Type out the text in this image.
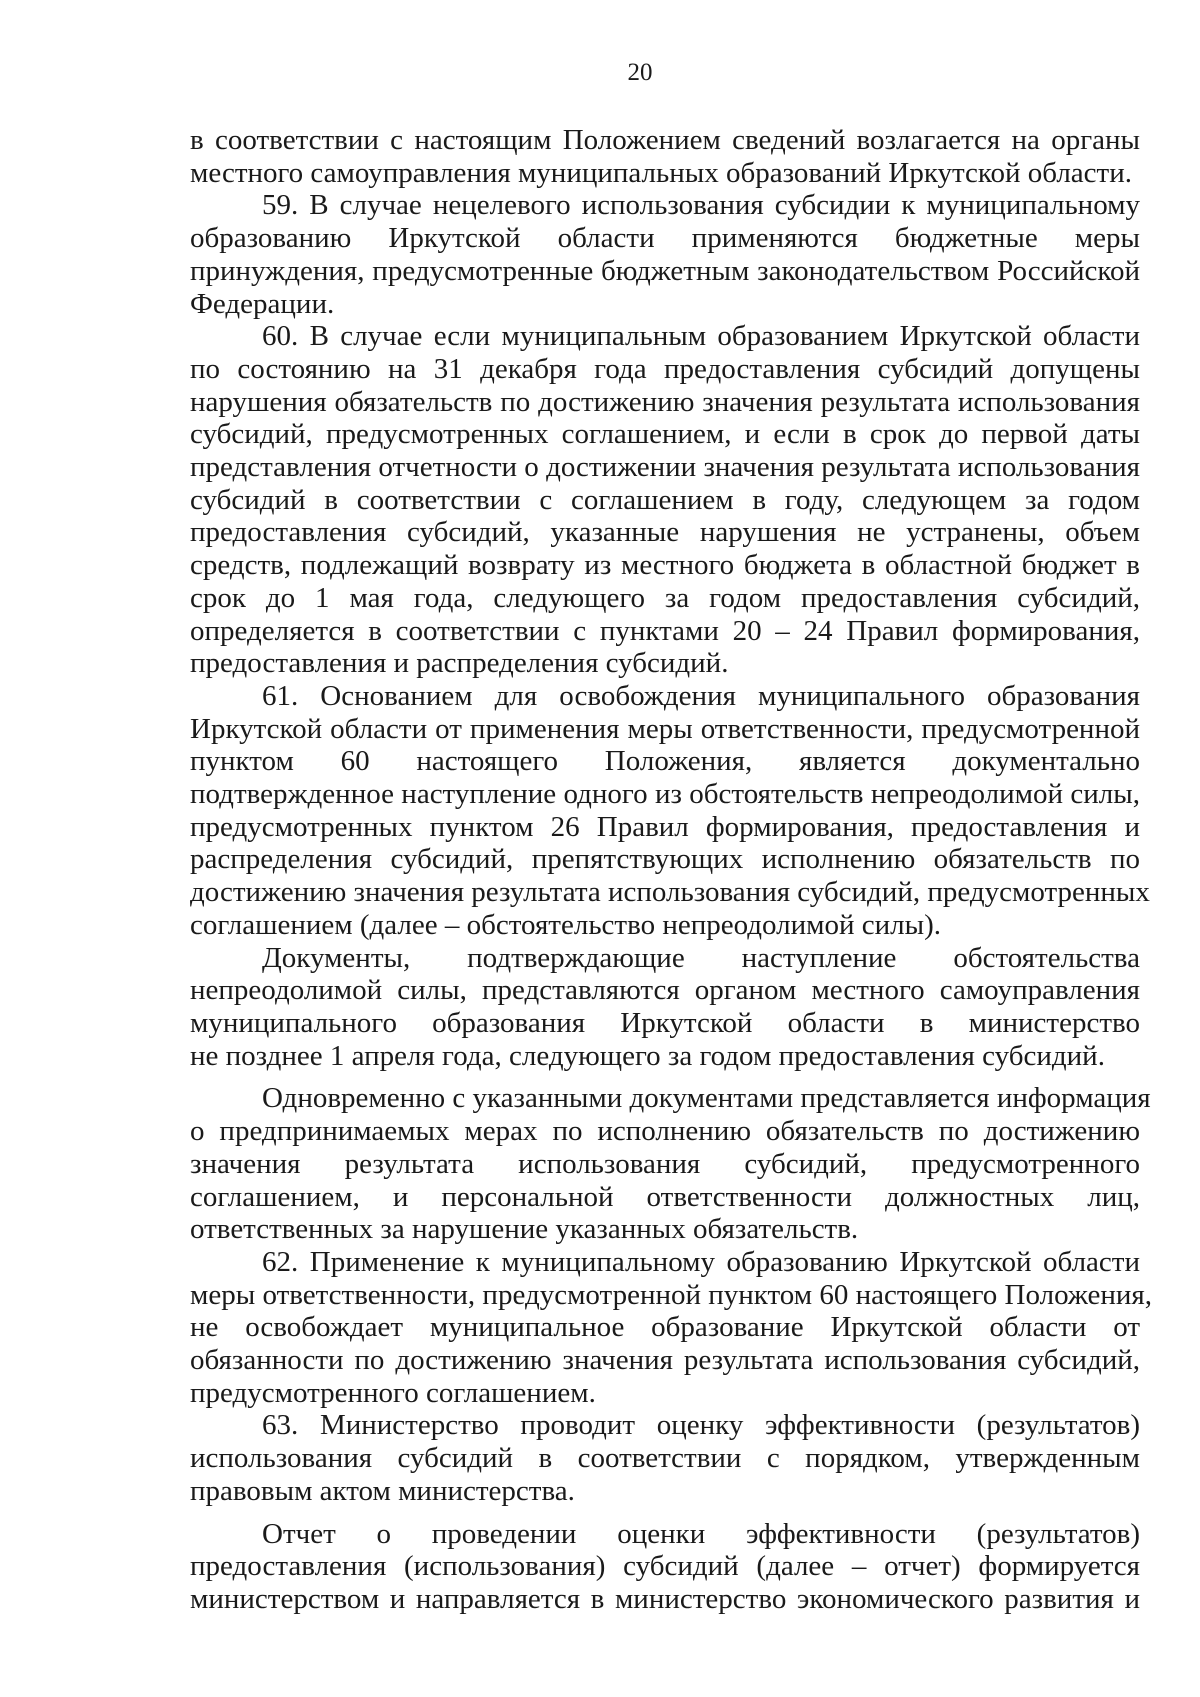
20

в соответствии с настоящим Положением сведений возлагается на органы
местного самоуправления муниципальных образований Иркутской области.

59. В случае нецелевого использования субсидии к муниципальному
образованию Иркутской области применяются бюджетные меры
принуждения, предусмотренные бюджетным законодательством Российской
Федерации.

60. В случае если муниципальным образованием Иркутской области
по состоянию на 31 декабря года предоставления субсидий допущены
нарушения обязательств по достижению значения результата использования
субсидий, предусмотренных соглашением, и если в срок до первой даты
представления отчетности о достижении значения результата использования
субсидий в соответствии с соглашением в году, следующем за годом
предоставления субсидий, указанные нарушения не устранены, объем
средств, подлежащий возврату из местного бюджета в областной бюджет в
срок до 1 мая года, следующего за годом предоставления субсидий,
определяется в соответствии с пунктами 20 – 24 Правил формирования,
предоставления и распределения субсидий.

61. Основанием для освобождения муниципального образования
Иркутской области от применения меры ответственности, предусмотренной
пунктом 60 настоящего Положения, является документально
подтвержденное наступление одного из обстоятельств непреодолимой силы,
предусмотренных пунктом 26 Правил формирования, предоставления и
распределения субсидий, препятствующих исполнению обязательств по
достижению значения результата использования субсидий, предусмотренных
соглашением (далее – обстоятельство непреодолимой силы).

Документы, подтверждающие наступление обстоятельства
непреодолимой силы, представляются органом местного самоуправления
муниципального образования Иркутской области в министерство
не позднее 1 апреля года, следующего за годом предоставления субсидий.

Одновременно с указанными документами представляется информация
о предпринимаемых мерах по исполнению обязательств по достижению
значения результата использования субсидий, предусмотренного
соглашением, и персональной ответственности должностных лиц,
ответственных за нарушение указанных обязательств.

62. Применение к муниципальному образованию Иркутской области
меры ответственности, предусмотренной пунктом 60 настоящего Положения,
не освобождает муниципальное образование Иркутской области от
обязанности по достижению значения результата использования субсидий,
предусмотренного соглашением.

63. Министерство проводит оценку эффективности (результатов)
использования субсидий в соответствии с порядком, утвержденным
правовым актом министерства.

Отчет о проведении оценки эффективности (результатов)
предоставления (использования) субсидий (далее – отчет) формируется
министерством и направляется в министерство экономического развития и
